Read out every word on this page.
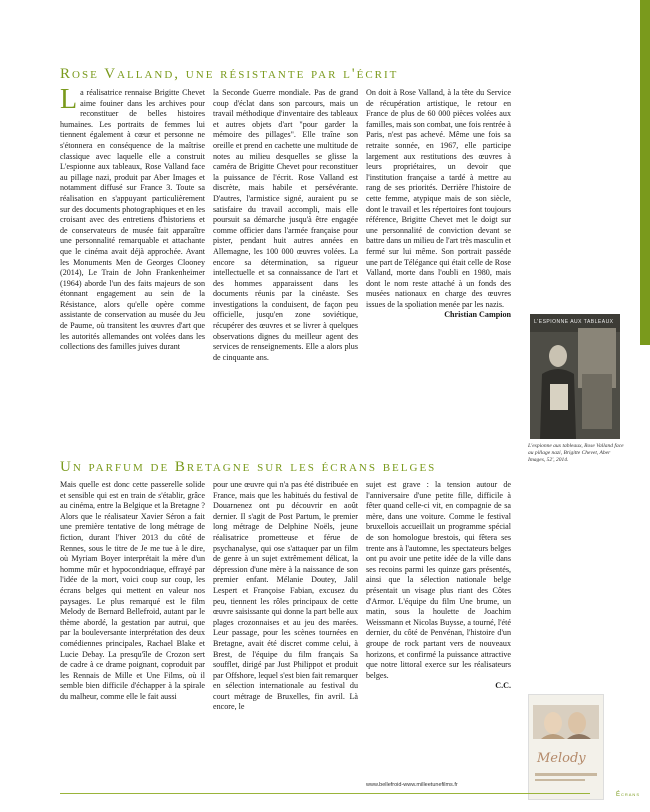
Rose Valland, une résistante par l'écrit
L a réalisatrice rennaise Brigitte Chevet aime fouiner dans les archives pour reconstituer de belles histoires humaines. Les portraits de femmes lui tiennent également à cœur et personne ne s'étonnera en conséquence de la maîtrise classique avec laquelle elle a construit L'espionne aux tableaux, Rose Valland face au pillage nazi, produit par Aber Images et notamment diffusé sur France 3. Toute sa réalisation en s'appuyant particulièrement sur des documents photographiques et en les croisant avec des entretiens d'historiens et de conservateurs de musée fait apparaître une personnalité remarquable et attachante que le cinéma avait déjà approchée. Avant les Monuments Men de Georges Clooney (2014), Le Train de John Frankenheimer (1964) aborde l'un des faits majeurs de son étonnant engagement au sein de la Résistance, alors qu'elle opère comme assistante de conservation au musée du Jeu de Paume, où transitent les œuvres d'art que les autorités allemandes ont volées dans les collections des familles juives durant
la Seconde Guerre mondiale. Pas de grand coup d'éclat dans son parcours, mais un travail méthodique d'inventaire des tableaux et autres objets d'art "pour garder la mémoire des pillages". Elle traîne son oreille et prend en cachette une multitude de notes au milieu desquelles se glisse la caméra de Brigitte Chevet pour reconstituer la puissance de l'écrit. Rose Valland est discrète, mais habile et persévérante. D'autres, l'armistice signé, auraient pu se satisfaire du travail accompli, mais elle poursuit sa démarche jusqu'à être engagée comme officier dans l'armée française pour pister, pendant huit autres années en Allemagne, les 100 000 œuvres volées. La encore sa détermination, sa rigueur intellectuelle et sa connaissance de l'art et des hommes apparaissent dans les documents réunis par la cinéaste. Ses investigations la conduisent, de façon peu officielle, jusqu'en zone soviétique, récupérer des œuvres et se livrer à quelques observations dignes du meilleur agent des services de renseignements. Elle a alors plus de cinquante ans.

On doit à Rose Valland, à la tête du Service de récupération artistique, le retour en France de plus de 60 000 pièces volées aux familles, mais son combat, une fois rentrée à Paris, n'est pas achevé. Même une fois sa retraite sonnée, en 1967, elle participe largement aux restitutions des œuvres à leurs propriétaires, un devoir que l'institution française a tardé à mettre au rang de ses priorités. Derrière l'histoire de cette femme, atypique mais de son siècle, dont le travail et les répertoires font toujours référence, Brigitte Chevet met le doigt sur une personnalité de conviction devant se battre dans un milieu de l'art très masculin et fermé sur lui même. Son portrait passéde une part de Télégance qui était celle de Rose Valland, morte dans l'oubli en 1980, mais dont le nom reste attaché à un fonds des musées nationaux en charge des œuvres issues de la spoliation menée par les nazis.

Christian Campion

L'ESPIONNE AUX TABLEAUX
L'espionne aux tableaux, Rose Valland face au pillage nazi, Brigitte Chevet, Aber Images, 52', 2014.
Un parfum de Bretagne sur les écrans belges
Mais quelle est donc cette passerelle solide et sensible qui est en train de s'établir, grâce au cinéma, entre la Belgique et la Bretagne ? Alors que le réalisateur Xavier Séron a fait une première tentative de long métrage de fiction, durant l'hiver 2013 du côté de Rennes, sous le titre de Je me tue à le dire, où Myriam Boyer interprétait la mère d'un homme mûr et hypocondriaque, effrayé par l'idée de la mort, voici coup sur coup, les écrans belges qui mettent en valeur nos paysages. Le plus remarqué est le film Melody de Bernard Bellefroid, autant par le thème abordé, la gestation par autrui, que par la bouleversante interprétation des deux comédiennes principales, Rachael Blake et Lucie Debay. La presqu'île de Crozon sert de cadre à ce drame poignant, coproduit par les Rennais de Mille et Une Films, où il semble bien difficile d'échapper à la spirale du malheur, comme elle le fait aussi
pour une œuvre qui n'a pas été distribuée en France, mais que les habitués du festival de Douarnenez ont pu découvrir en août dernier. Il s'agit de Post Partum, le premier long métrage de Delphine Noëls, jeune réalisatrice prometteuse et férue de psychanalyse, qui ose s'attaquer par un film de genre à un sujet extrêmement délicat, la dépression d'une mère à la naissance de son premier enfant. Mélanie Doutey, Jalil Lespert et Françoise Fabian, excusez du peu, tiennent les rôles principaux de cette œuvre saisissante qui donne la part belle aux plages crozonnaises et au jeu des marées. Leur passage, pour les scènes tournées en Bretagne, avait été discret comme celui, à Brest, de l'équipe du film français Sa soufflet, dirigé par Just Philippot et produit par Offshore, lequel s'est bien fait remarquer en sélection internationale au festival du court métrage de Bruxelles, fin avril. Là encore, le

sujet est grave : la tension autour de l'anniversaire d'une petite fille, difficile à fêter quand celle-ci vit, en compagnie de sa mère, dans une voiture. Comme le festival bruxellois accueillait un programme spécial de son homologue brestois, qui fêtera ses trente ans à l'automne, les spectateurs belges ont pu avoir une petite idée de la ville dans ses recoins parmi les quinze gars présentés, ainsi que la sélection nationale belge présentait un visage plus riant des Côtes d'Armor. L'équipe du film Une brume, un matin, sous la houlette de Joachim Weissmann et Nicolas Buysse, a tourné, l'été dernier, du côté de Penvénan, l'histoire d'un groupe de rock partant vers de nouveaux horizons, et confirmé la puissance attractive que notre littoral exerce sur les réalisateurs belges.

C.C.

www.bellefroid-www.milleetunefilms.fr
Melody
Écrans
